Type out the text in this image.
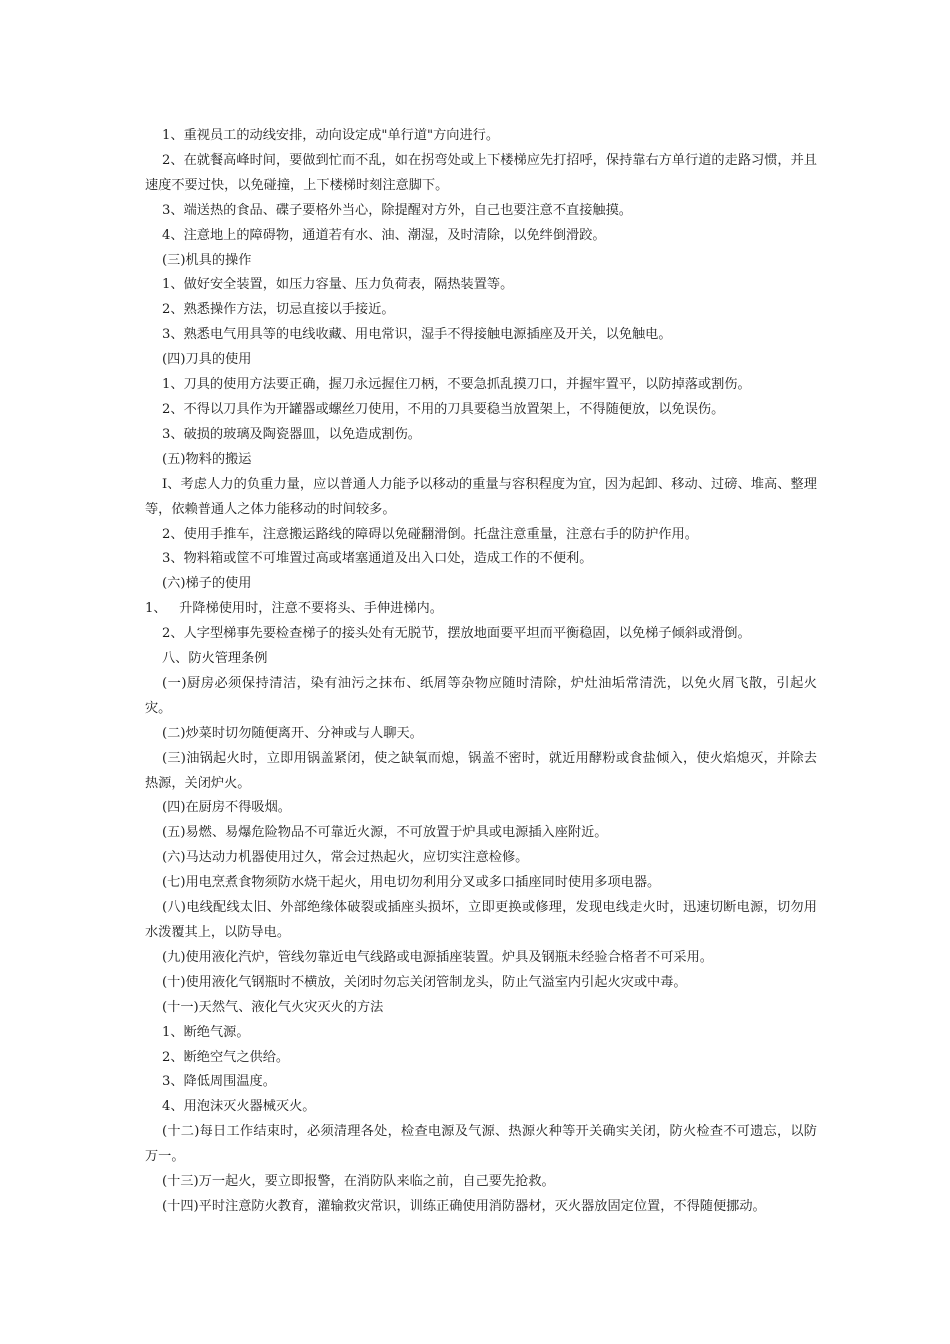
1、重视员工的动线安排，动向设定成"单行道"方向进行。

2、在就餐高峰时间，要做到忙而不乱，如在拐弯处或上下楼梯应先打招呼，保持靠右方单行道的走路习惯，并且速度不要过快，以免碰撞，上下楼梯时刻注意脚下。

3、端送热的食品、碟子要格外当心，除提醒对方外，自己也要注意不直接触摸。

4、注意地上的障碍物，通道若有水、油、潮湿，及时清除，以免绊倒滑跤。

(三)机具的操作

1、做好安全装置，如压力容量、压力负荷表，隔热装置等。

2、熟悉操作方法，切忌直接以手接近。

3、熟悉电气用具等的电线收藏、用电常识，湿手不得接触电源插座及开关，以免触电。

(四)刀具的使用

1、刀具的使用方法要正确，握刀永远握住刀柄，不要急抓乱摸刀口，并握牢置平，以防掉落或割伤。

2、不得以刀具作为开罐器或螺丝刀使用，不用的刀具要稳当放置架上，不得随便放，以免误伤。

3、破损的玻璃及陶瓷器皿，以免造成割伤。

(五)物料的搬运

I、考虑人力的负重力量，应以普通人力能予以移动的重量与容积程度为宜，因为起卸、移动、过磅、堆高、整理等，依赖普通人之体力能移动的时间较多。

2、使用手推车，注意搬运路线的障碍以免碰翻滑倒。托盘注意重量，注意右手的防护作用。

3、物料箱或筐不可堆置过高或堵塞通道及出入口处，造成工作的不便利。

(六)梯子的使用

1、   升降梯使用时，注意不要将头、手伸进梯内。

2、人字型梯事先要检查梯子的接头处有无脱节，摆放地面要平坦而平衡稳固，以免梯子倾斜或滑倒。

八、防火管理条例

(一)厨房必须保持清洁，染有油污之抹布、纸屑等杂物应随时清除，炉灶油垢常清洗，以免火屑飞散，引起火灾。

(二)炒菜时切勿随便离开、分神或与人聊天。

(三)油锅起火时，立即用锅盖紧闭，使之缺氧而熄，锅盖不密时，就近用酵粉或食盐倾入，使火焰熄灭，并除去热源，关闭炉火。

(四)在厨房不得吸烟。

(五)易燃、易爆危险物品不可靠近火源，不可放置于炉具或电源插入座附近。

(六)马达动力机器使用过久，常会过热起火，应切实注意检修。

(七)用电烹煮食物须防水烧干起火，用电切勿利用分叉或多口插座同时使用多项电器。

(八)电线配线太旧、外部绝缘体破裂或插座头损坏，立即更换或修理，发现电线走火时，迅速切断电源，切勿用水泼覆其上，以防导电。

(九)使用液化汽炉，管线勿靠近电气线路或电源插座装置。炉具及钢瓶未经验合格者不可采用。

(十)使用液化气钢瓶时不横放，关闭时勿忘关闭管制龙头，防止气溢室内引起火灾或中毒。

(十一)天然气、液化气火灾灭火的方法

1、断绝气源。

2、断绝空气之供给。

3、降低周围温度。

4、用泡沫灭火器械灭火。

(十二)每日工作结束时，必须清理各处，检查电源及气源、热源火种等开关确实关闭，防火检查不可遗忘，以防万一。

(十三)万一起火，要立即报警，在消防队来临之前，自己要先抢救。

(十四)平时注意防火教育，灌输救灾常识，训练正确使用消防器材，灭火器放固定位置，不得随便挪动。
